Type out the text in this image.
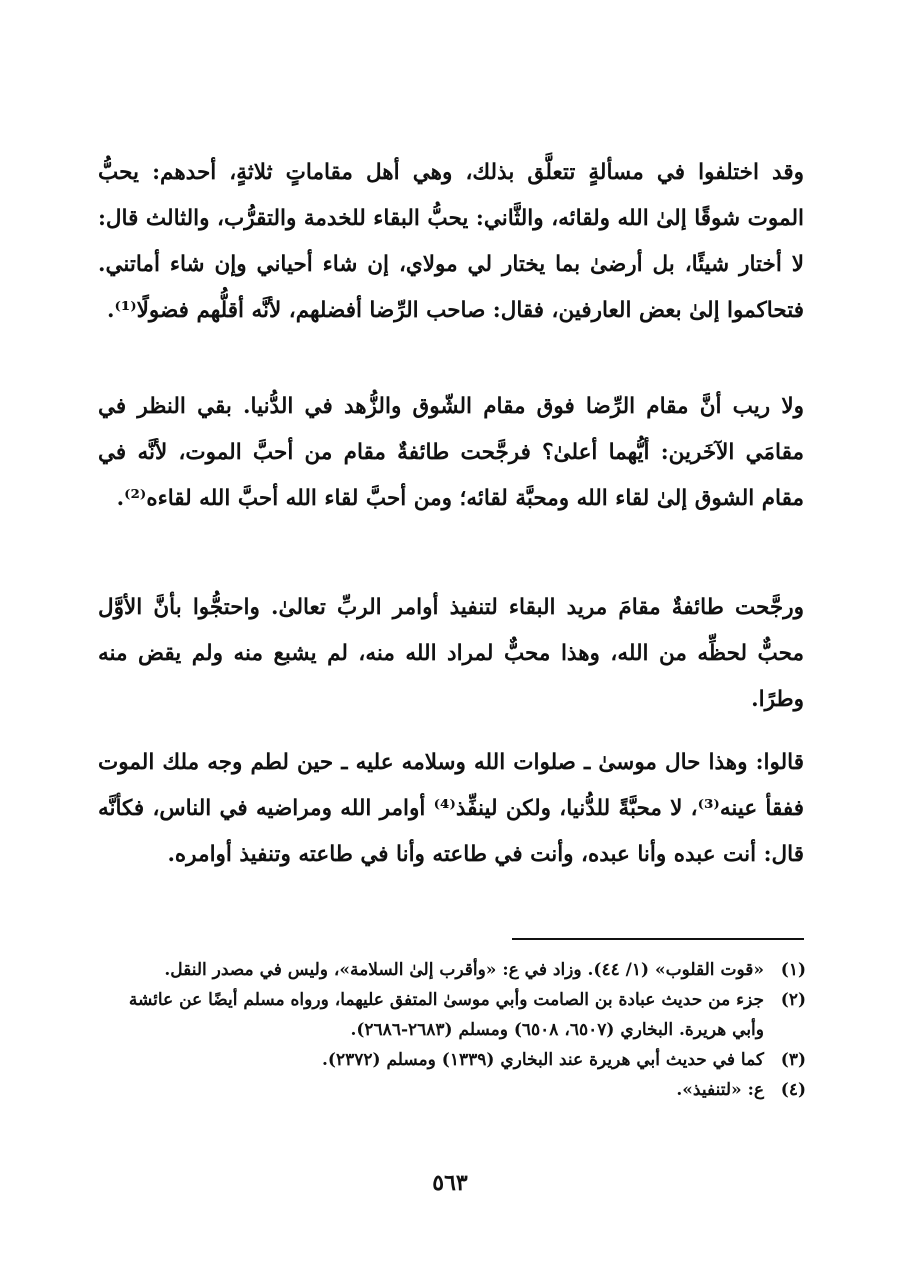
وقد اختلفوا في مسألةٍ تتعلَّق بذلك، وهي أهل مقاماتٍ ثلاثةٍ، أحدهم: يحبُّ الموت شوقًا إلىٰ الله ولقائه، والثَّاني: يحبُّ البقاء للخدمة والتقرُّب، والثالث قال: لا أختار شيئًا، بل أرضىٰ بما يختار لي مولاي، إن شاء أحياني وإن شاء أماتني. فتحاكموا إلىٰ بعض العارفين، فقال: صاحب الرِّضا أفضلهم، لأنَّه أقلُّهم فضولًا⁽¹⁾.

ولا ريب أنَّ مقام الرِّضا فوق مقام الشّوق والزُّهد في الدُّنيا. بقي النظر في مقامَي الآخَرين: أيُّهما أعلىٰ؟ فرجَّحت طائفةٌ مقام من أحبَّ الموت، لأنَّه في مقام الشوق إلىٰ لقاء الله ومحبَّة لقائه؛ ومن أحبَّ لقاء الله أحبَّ الله لقاءه⁽²⁾.

ورجَّحت طائفةٌ مقامَ مريد البقاء لتنفيذ أوامر الربِّ تعالىٰ. واحتجُّوا بأنَّ الأوَّل محبٌّ لحظِّه من الله، وهذا محبٌّ لمراد الله منه، لم يشبع منه ولم يقض منه وطرًا.

قالوا: وهذا حال موسىٰ ـ صلوات الله وسلامه عليه ـ حين لطم وجه ملك الموت ففقأ عينه⁽³⁾، لا محبَّةً للدُّنيا، ولكن لينفِّذ⁽⁴⁾ أوامر الله ومراضيه في الناس، فكأنَّه قال: أنت عبده وأنا عبده، وأنت في طاعته وأنا في طاعته وتنفيذ أوامره.

(١)
«قوت القلوب» (١/ ٤٤). وزاد في ع: «وأقرب إلىٰ السلامة»، وليس في مصدر النقل.
(٢)
جزء من حديث عبادة بن الصامت وأبي موسىٰ المتفق عليهما، ورواه مسلم أيضًا عن عائشة وأبي هريرة. البخاري (٦٥٠٧، ٦٥٠٨) ومسلم (٢٦٨٣-٢٦٨٦).
(٣)
كما في حديث أبي هريرة عند البخاري (١٣٣٩) ومسلم (٢٣٧٢).
(٤)
ع: «لتنفيذ».
٥٦٣
